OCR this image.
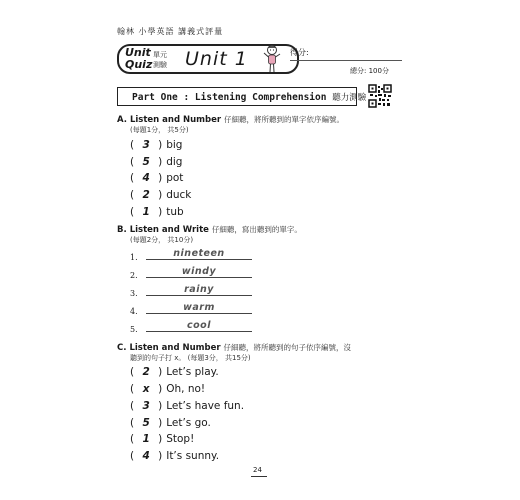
翰林 小學英語 講義式評量
Unit Quiz
單元 測驗 Unit 1	得分:
總分: 100分
Part One : Listening Comprehension 聽力測驗
A. Listen and Number 仔細聽，將所聽到的單字依序編號。
(每題1分， 共5分)
( 3 ) big
( 5 ) dig
( 4 ) pot
( 2 ) duck
( 1 ) tub
B. Listen and Write 仔細聽，寫出聽到的單字。
(每題2分， 共10分)
1.	nineteen
2.	windy
3.	rainy
4.	warm
5.	cool
C. Listen and Number 仔細聽，將所聽到的句子依序編號，沒
聽到的句子打 x。 (每題3分， 共15分)
( 2 ) Let’s play.
( x ) Oh, no!
( 3 ) Let’s have fun.
( 5 ) Let’s go.
( 1 ) Stop!
( 4 ) It’s sunny.
24
